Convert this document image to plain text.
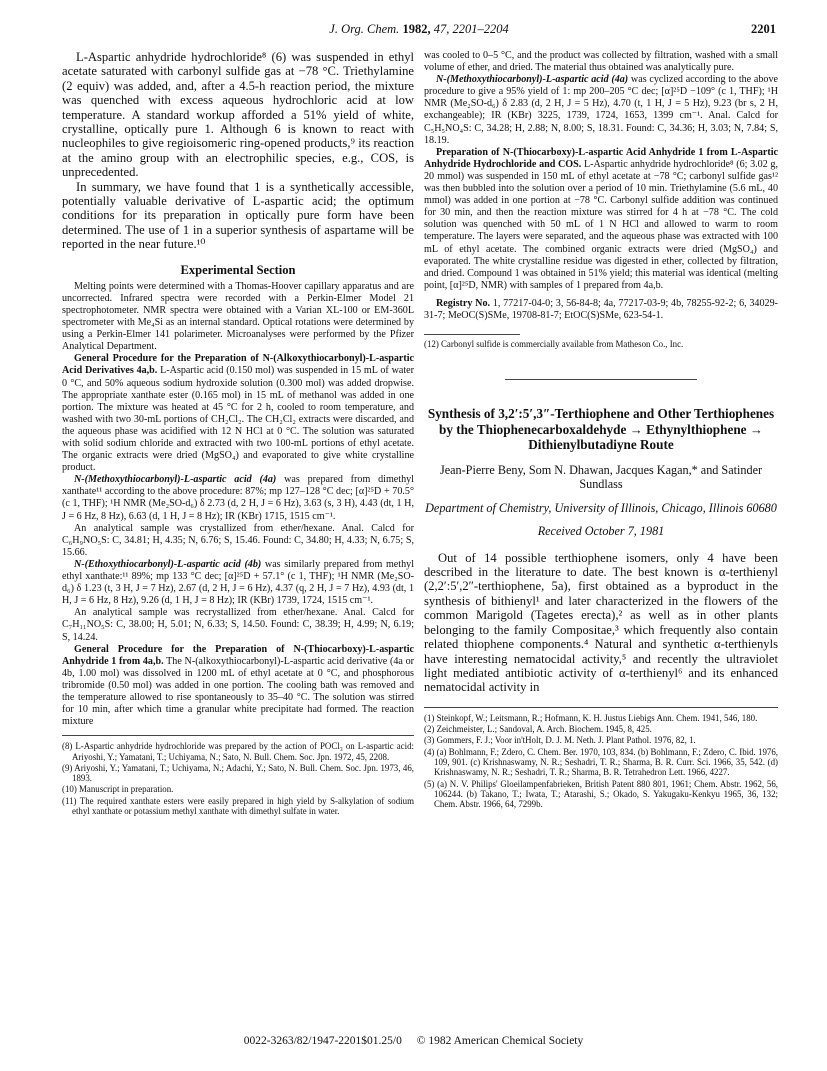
J. Org. Chem. 1982, 47, 2201–2204	2201

L-Aspartic anhydride hydrochloride⁸ (6) was suspended in ethyl acetate saturated with carbonyl sulfide gas at −78 °C. Triethylamine (2 equiv) was added, and, after a 4.5-h reaction period, the mixture was quenched with excess aqueous hydrochloric acid at low temperature. A standard workup afforded a 51% yield of white, crystalline, optically pure 1. Although 6 is known to react with nucleophiles to give regioisomeric ring-opened products,⁹ its reaction at the amino group with an electrophilic species, e.g., COS, is unprecedented.

In summary, we have found that 1 is a synthetically accessible, potentially valuable derivative of L-aspartic acid; the optimum conditions for its preparation in optically pure form have been determined. The use of 1 in a superior synthesis of aspartame will be reported in the near future.¹⁰

Experimental Section

Melting points were determined with a Thomas-Hoover capillary apparatus and are uncorrected. Infrared spectra were recorded with a Perkin-Elmer Model 21 spectrophotometer. NMR spectra were obtained with a Varian XL-100 or EM-360L spectrometer with Me₄Si as an internal standard. Optical rotations were determined by using a Perkin-Elmer 141 polarimeter. Microanalyses were performed by the Pfizer Analytical Department.

General Procedure for the Preparation of N-(Alkoxythiocarbonyl)-L-aspartic Acid Derivatives 4a,b. L-Aspartic acid (0.150 mol) was suspended in 15 mL of water 0 °C, and 50% aqueous sodium hydroxide solution (0.300 mol) was added dropwise. The appropriate xanthate ester (0.165 mol) in 15 mL of methanol was added in one portion. The mixture was heated at 45 °C for 2 h, cooled to room temperature, and washed with two 30-mL portions of CH₂Cl₂. The CH₂Cl₂ extracts were discarded, and the aqueous phase was acidified with 12 N HCl at 0 °C. The solution was saturated with solid sodium chloride and extracted with two 100-mL portions of ethyl acetate. The organic extracts were dried (MgSO₄) and evaporated to give white crystalline product.

N-(Methoxythiocarbonyl)-L-aspartic acid (4a) was prepared from dimethyl xanthate¹¹ according to the above procedure: 87%; mp 127–128 °C dec; [α]²⁵D + 70.5° (c 1, THF); ¹H NMR (Me₂SO-d₆) δ 2.73 (d, 2 H, J = 6 Hz), 3.63 (s, 3 H), 4.43 (dt, 1 H, J = 6 Hz, 8 Hz), 6.63 (d, 1 H, J = 8 Hz); IR (KBr) 1715, 1515 cm⁻¹.

An analytical sample was crystallized from ether/hexane. Anal. Calcd for C₆H₉NO₅S: C, 34.81; H, 4.35; N, 6.76; S, 15.46. Found: C, 34.80; H, 4.33; N, 6.75; S, 15.66.

N-(Ethoxythiocarbonyl)-L-aspartic acid (4b) was similarly prepared from methyl ethyl xanthate:¹¹ 89%; mp 133 °C dec; [α]²⁵D + 57.1° (c 1, THF); ¹H NMR (Me₂SO-d₆) δ 1.23 (t, 3 H, J = 7 Hz), 2.67 (d, 2 H, J = 6 Hz), 4.37 (q, 2 H, J = 7 Hz), 4.93 (dt, 1 H, J = 6 Hz, 8 Hz), 9.26 (d, 1 H, J = 8 Hz); IR (KBr) 1739, 1724, 1515 cm⁻¹.

An analytical sample was recrystallized from ether/hexane. Anal. Calcd for C₇H₁₁NO₅S: C, 38.00; H, 5.01; N, 6.33; S, 14.50. Found: C, 38.39; H, 4.99; N, 6.19; S, 14.24.

General Procedure for the Preparation of N-(Thiocarboxy)-L-aspartic Anhydride 1 from 4a,b. The N-(alkoxythiocarbonyl)-L-aspartic acid derivative (4a or 4b, 1.00 mol) was dissolved in 1200 mL of ethyl acetate at 0 °C, and phosphorous tribromide (0.50 mol) was added in one portion. The cooling bath was removed and the temperature allowed to rise spontaneously to 35–40 °C. The solution was stirred for 10 min, after which time a granular white precipitate had formed. The reaction mixture

(8) L-Aspartic anhydride hydrochloride was prepared by the action of POCl₃ on L-aspartic acid: Ariyoshi, Y.; Yamatani, T.; Uchiyama, N.; Sato, N. Bull. Chem. Soc. Jpn. 1972, 45, 2208.

(9) Ariyoshi, Y.; Yamatani, T.; Uchiyama, N.; Adachi, Y.; Sato, N. Bull. Chem. Soc. Jpn. 1973, 46, 1893.

(10) Manuscript in preparation.

(11) The required xanthate esters were easily prepared in high yield by S-alkylation of sodium ethyl xanthate or potassium methyl xanthate with dimethyl sulfate in water.

was cooled to 0–5 °C, and the product was collected by filtration, washed with a small volume of ether, and dried. The material thus obtained was analytically pure.

N-(Methoxythiocarbonyl)-L-aspartic acid (4a) was cyclized according to the above procedure to give a 95% yield of 1: mp 200–205 °C dec; [α]²⁵D −109° (c 1, THF); ¹H NMR (Me₂SO-d₆) δ 2.83 (d, 2 H, J = 5 Hz), 4.70 (t, 1 H, J = 5 Hz), 9.23 (br s, 2 H, exchangeable); IR (KBr) 3225, 1739, 1724, 1653, 1399 cm⁻¹. Anal. Calcd for C₅H₅NO₄S: C, 34.28; H, 2.88; N, 8.00; S, 18.31. Found: C, 34.36; H, 3.03; N, 7.84; S, 18.19.

Preparation of N-(Thiocarboxy)-L-aspartic Acid Anhydride 1 from L-Aspartic Anhydride Hydrochloride and COS. L-Aspartic anhydride hydrochloride⁸ (6; 3.02 g, 20 mmol) was suspended in 150 mL of ethyl acetate at −78 °C; carbonyl sulfide gas¹² was then bubbled into the solution over a period of 10 min. Triethylamine (5.6 mL, 40 mmol) was added in one portion at −78 °C. Carbonyl sulfide addition was continued for 30 min, and then the reaction mixture was stirred for 4 h at −78 °C. The cold solution was quenched with 50 mL of 1 N HCl and allowed to warm to room temperature. The layers were separated, and the aqueous phase was extracted with 100 mL of ethyl acetate. The combined organic extracts were dried (MgSO₄) and evaporated. The white crystalline residue was digested in ether, collected by filtration, and dried. Compound 1 was obtained in 51% yield; this material was identical (melting point, [α]²⁵D, NMR) with samples of 1 prepared from 4a,b.

Registry No. 1, 77217-04-0; 3, 56-84-8; 4a, 77217-03-9; 4b, 78255-92-2; 6, 34029-31-7; MeOC(S)SMe, 19708-81-7; EtOC(S)SMe, 623-54-1.

(12) Carbonyl sulfide is commercially available from Matheson Co., Inc.

Synthesis of 3,2′:5′,3″-Terthiophene and Other Terthiophenes by the Thiophenecarboxaldehyde → Ethynylthiophene → Dithienylbutadiyne Route
Jean-Pierre Beny, Som N. Dhawan, Jacques Kagan,* and Satinder Sundlass
Department of Chemistry, University of Illinois, Chicago, Illinois 60680
Received October 7, 1981

Out of 14 possible terthiophene isomers, only 4 have been described in the literature to date. The best known is α-terthienyl (2,2′:5′,2″-terthiophene, 5a), first obtained as a byproduct in the synthesis of bithienyl¹ and later characterized in the flowers of the common Marigold (Tagetes erecta),² as well as in other plants belonging to the family Compositae,³ which frequently also contain related thiophene components.⁴ Natural and synthetic α-terthienyls have interesting nematocidal activity,⁵ and recently the ultraviolet light mediated antibiotic activity of α-terthienyl⁶ and its enhanced nematocidal activity in

(1) Steinkopf, W.; Leitsmann, R.; Hofmann, K. H. Justus Liebigs Ann. Chem. 1941, 546, 180.

(2) Zeichmeister, L.; Sandoval, A. Arch. Biochem. 1945, 8, 425.

(3) Gommers, F. J.; Voor in'tHolt, D. J. M. Neth. J. Plant Pathol. 1976, 82, 1.

(4) (a) Bohlmann, F.; Zdero, C. Chem. Ber. 1970, 103, 834. (b) Bohlmann, F.; Zdero, C. Ibid. 1976, 109, 901. (c) Krishnaswamy, N. R.; Seshadri, T. R.; Sharma, B. R. Curr. Sci. 1966, 35, 542. (d) Krishnaswamy, N. R.; Seshadri, T. R.; Sharma, B. R. Tetrahedron Lett. 1966, 4227.

(5) (a) N. V. Philips' Gloeilampenfabrieken, British Patent 880 801, 1961; Chem. Abstr. 1962, 56, 106244. (b) Takano, T.; Iwata, T.; Atarashi, S.; Okado, S. Yakugaku-Kenkyu 1965, 36, 132; Chem. Abstr. 1966, 64, 7299b.

0022-3263/82/1947-2201$01.25/0 © 1982 American Chemical Society
